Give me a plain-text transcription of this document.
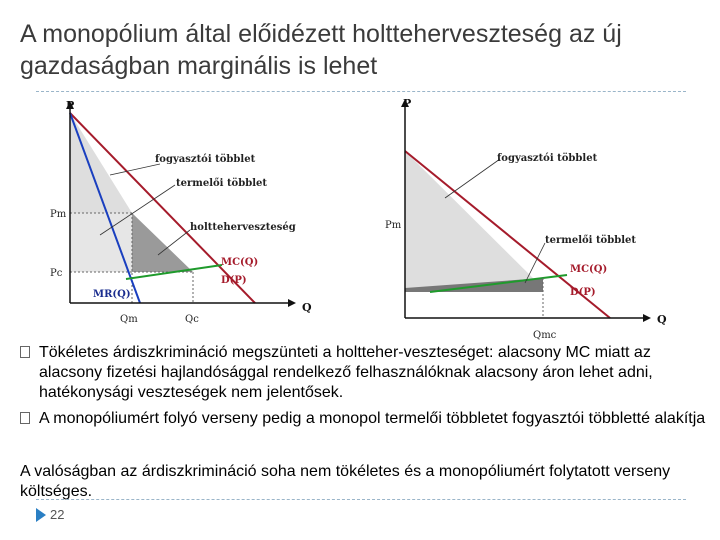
A monopólium által előidézett holtteherveszteség az új
gazdaságban marginális is lehet
P
Q
fogyasztói többlet
termelői többlet
holtteherveszteség
MC(Q)
D(P)
MR(Q)
Pm
Pc
Qm	Qc
P
Q
fogyasztói többlet
termelői többlet
MC(Q)
D(P)
Pm
Qmc
Tökéletes árdiszkrimináció megszünteti a holtteher-veszteséget: alacsony MC miatt az alacsony fizetési hajlandósággal rendelkező felhasználóknak alacsony áron lehet adni, hatékonysági veszteségek nem jelentősek.
A monopóliumért folyó verseny pedig a monopol termelői többletet fogyasztói többletté alakítja
A valóságban az árdiszkrimináció soha nem tökéletes és a monopóliumért folytatott verseny költséges.
22
